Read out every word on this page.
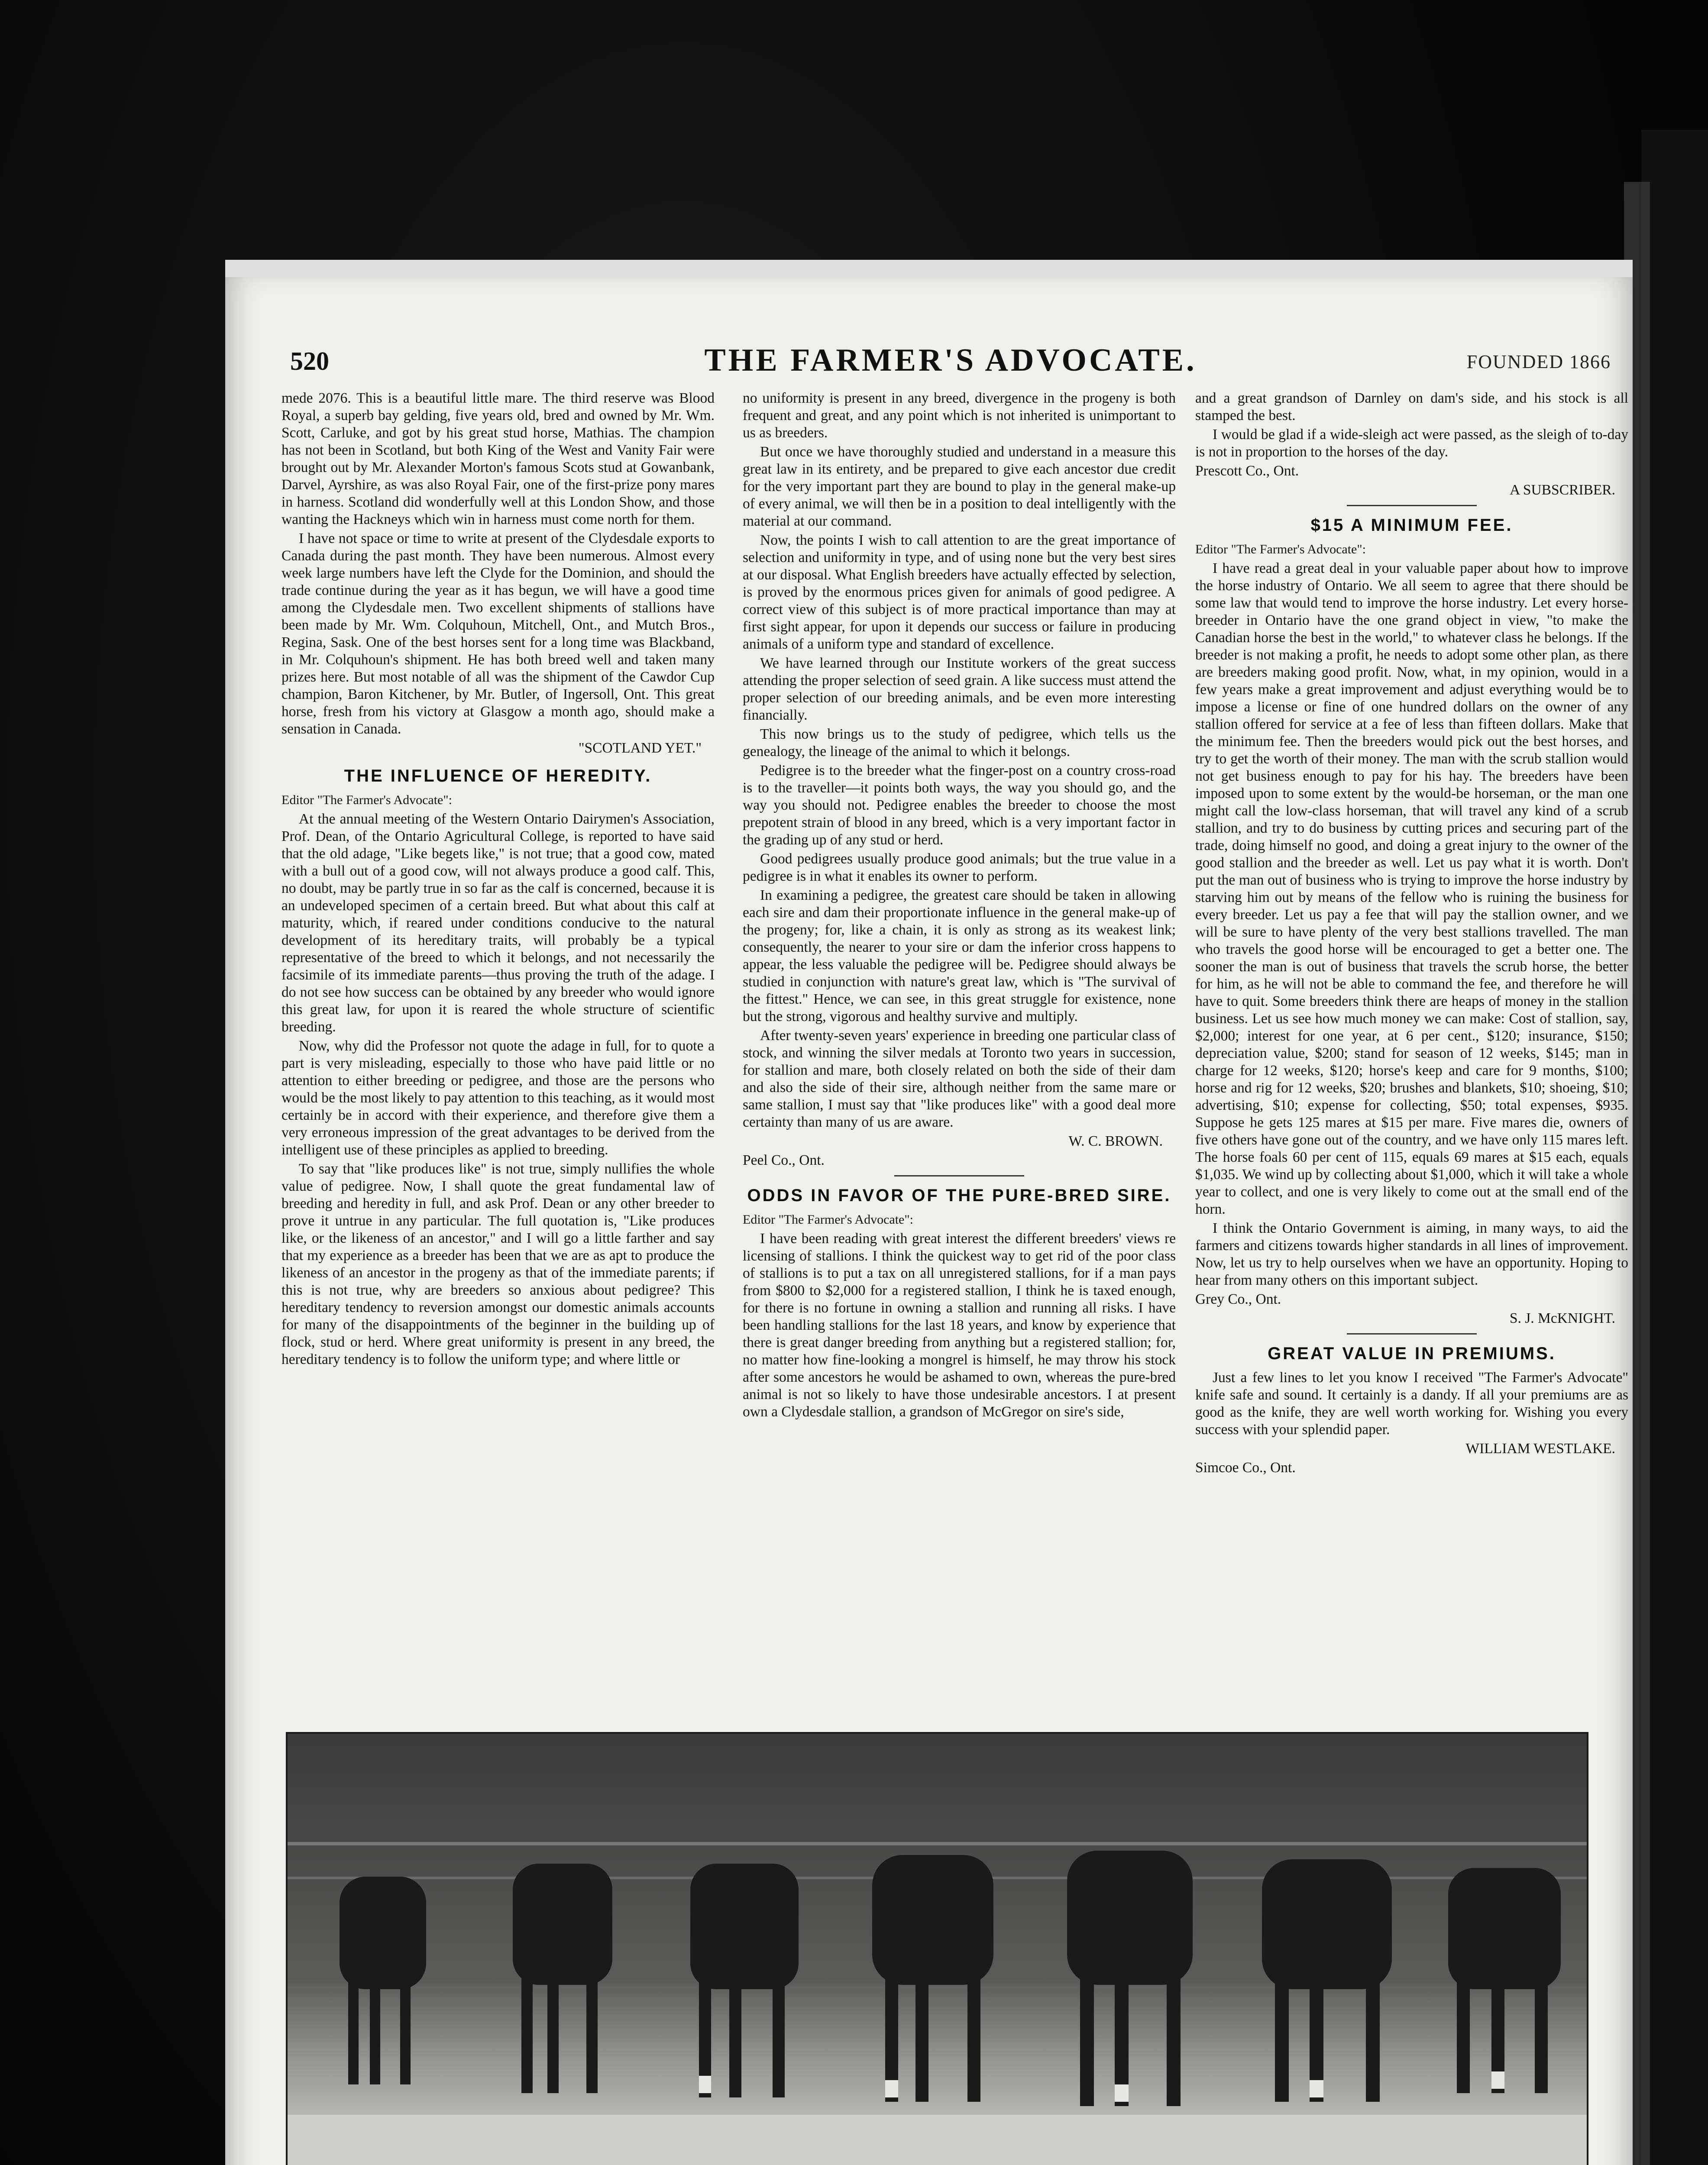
520	THE FARMER'S ADVOCATE.	FOUNDED 1866

mede 2076. This is a beautiful little mare. The third reserve was Blood Royal, a superb bay gelding, five years old, bred and owned by Mr. Wm. Scott, Carluke, and got by his great stud horse, Mathias. The champion has not been in Scotland, but both King of the West and Vanity Fair were brought out by Mr. Alexander Morton's famous Scots stud at Gowanbank, Darvel, Ayrshire, as was also Royal Fair, one of the first-prize pony mares in harness. Scotland did wonderfully well at this London Show, and those wanting the Hackneys which win in harness must come north for them.

I have not space or time to write at present of the Clydesdale exports to Canada during the past month. They have been numerous. Almost every week large numbers have left the Clyde for the Dominion, and should the trade continue during the year as it has begun, we will have a good time among the Clydesdale men. Two excellent shipments of stallions have been made by Mr. Wm. Colquhoun, Mitchell, Ont., and Mutch Bros., Regina, Sask. One of the best horses sent for a long time was Blackband, in Mr. Colquhoun's shipment. He has both breed well and taken many prizes here. But most notable of all was the shipment of the Cawdor Cup champion, Baron Kitchener, by Mr. Butler, of Ingersoll, Ont. This great horse, fresh from his victory at Glasgow a month ago, should make a sensation in Canada.

"SCOTLAND YET."

THE INFLUENCE OF HEREDITY.

Editor "The Farmer's Advocate":

At the annual meeting of the Western Ontario Dairymen's Association, Prof. Dean, of the Ontario Agricultural College, is reported to have said that the old adage, "Like begets like," is not true; that a good cow, mated with a bull out of a good cow, will not always produce a good calf. This, no doubt, may be partly true in so far as the calf is concerned, because it is an undeveloped specimen of a certain breed. But what about this calf at maturity, which, if reared under conditions conducive to the natural development of its hereditary traits, will probably be a typical representative of the breed to which it belongs, and not necessarily the facsimile of its immediate parents—thus proving the truth of the adage. I do not see how success can be obtained by any breeder who would ignore this great law, for upon it is reared the whole structure of scientific breeding.

Now, why did the Professor not quote the adage in full, for to quote a part is very misleading, especially to those who have paid little or no attention to either breeding or pedigree, and those are the persons who would be the most likely to pay attention to this teaching, as it would most certainly be in accord with their experience, and therefore give them a very erroneous impression of the great advantages to be derived from the intelligent use of these principles as applied to breeding.

To say that "like produces like" is not true, simply nullifies the whole value of pedigree. Now, I shall quote the great fundamental law of breeding and heredity in full, and ask Prof. Dean or any other breeder to prove it untrue in any particular. The full quotation is, "Like produces like, or the likeness of an ancestor," and I will go a little farther and say that my experience as a breeder has been that we are as apt to produce the likeness of an ancestor in the progeny as that of the immediate parents; if this is not true, why are breeders so anxious about pedigree? This hereditary tendency to reversion amongst our domestic animals accounts for many of the disappointments of the beginner in the building up of flock, stud or herd. Where great uniformity is present in any breed, the hereditary tendency is to follow the uniform type; and where little or

no uniformity is present in any breed, divergence in the progeny is both frequent and great, and any point which is not inherited is unimportant to us as breeders.

But once we have thoroughly studied and understand in a measure this great law in its entirety, and be prepared to give each ancestor due credit for the very important part they are bound to play in the general make-up of every animal, we will then be in a position to deal intelligently with the material at our command.

Now, the points I wish to call attention to are the great importance of selection and uniformity in type, and of using none but the very best sires at our disposal. What English breeders have actually effected by selection, is proved by the enormous prices given for animals of good pedigree. A correct view of this subject is of more practical importance than may at first sight appear, for upon it depends our success or failure in producing animals of a uniform type and standard of excellence.

We have learned through our Institute workers of the great success attending the proper selection of seed grain. A like success must attend the proper selection of our breeding animals, and be even more interesting financially.

This now brings us to the study of pedigree, which tells us the genealogy, the lineage of the animal to which it belongs.

Pedigree is to the breeder what the finger-post on a country cross-road is to the traveller—it points both ways, the way you should go, and the way you should not. Pedigree enables the breeder to choose the most prepotent strain of blood in any breed, which is a very important factor in the grading up of any stud or herd.

Good pedigrees usually produce good animals; but the true value in a pedigree is in what it enables its owner to perform.

In examining a pedigree, the greatest care should be taken in allowing each sire and dam their proportionate influence in the general make-up of the progeny; for, like a chain, it is only as strong as its weakest link; consequently, the nearer to your sire or dam the inferior cross happens to appear, the less valuable the pedigree will be. Pedigree should always be studied in conjunction with nature's great law, which is "The survival of the fittest." Hence, we can see, in this great struggle for existence, none but the strong, vigorous and healthy survive and multiply.

After twenty-seven years' experience in breeding one particular class of stock, and winning the silver medals at Toronto two years in succession, for stallion and mare, both closely related on both the side of their dam and also the side of their sire, although neither from the same mare or same stallion, I must say that "like produces like" with a good deal more certainty than many of us are aware.

W. C. BROWN.

Peel Co., Ont.

ODDS IN FAVOR OF THE PURE-BRED SIRE.

Editor "The Farmer's Advocate":

I have been reading with great interest the different breeders' views re licensing of stallions. I think the quickest way to get rid of the poor class of stallions is to put a tax on all unregistered stallions, for if a man pays from $800 to $2,000 for a registered stallion, I think he is taxed enough, for there is no fortune in owning a stallion and running all risks. I have been handling stallions for the last 18 years, and know by experience that there is great danger breeding from anything but a registered stallion; for, no matter how fine-looking a mongrel is himself, he may throw his stock after some ancestors he would be ashamed to own, whereas the pure-bred animal is not so likely to have those undesirable ancestors. I at present own a Clydesdale stallion, a grandson of McGregor on sire's side,

and a great grandson of Darnley on dam's side, and his stock is all stamped the best.

I would be glad if a wide-sleigh act were passed, as the sleigh of to-day is not in proportion to the horses of the day.

Prescott Co., Ont.

A SUBSCRIBER.

$15 A MINIMUM FEE.

Editor "The Farmer's Advocate":

I have read a great deal in your valuable paper about how to improve the horse industry of Ontario. We all seem to agree that there should be some law that would tend to improve the horse industry. Let every horse-breeder in Ontario have the one grand object in view, "to make the Canadian horse the best in the world," to whatever class he belongs. If the breeder is not making a profit, he needs to adopt some other plan, as there are breeders making good profit. Now, what, in my opinion, would in a few years make a great improvement and adjust everything would be to impose a license or fine of one hundred dollars on the owner of any stallion offered for service at a fee of less than fifteen dollars. Make that the minimum fee. Then the breeders would pick out the best horses, and try to get the worth of their money. The man with the scrub stallion would not get business enough to pay for his hay. The breeders have been imposed upon to some extent by the would-be horseman, or the man one might call the low-class horseman, that will travel any kind of a scrub stallion, and try to do business by cutting prices and securing part of the trade, doing himself no good, and doing a great injury to the owner of the good stallion and the breeder as well. Let us pay what it is worth. Don't put the man out of business who is trying to improve the horse industry by starving him out by means of the fellow who is ruining the business for every breeder. Let us pay a fee that will pay the stallion owner, and we will be sure to have plenty of the very best stallions travelled. The man who travels the good horse will be encouraged to get a better one. The sooner the man is out of business that travels the scrub horse, the better for him, as he will not be able to command the fee, and therefore he will have to quit. Some breeders think there are heaps of money in the stallion business. Let us see how much money we can make: Cost of stallion, say, $2,000; interest for one year, at 6 per cent., $120; insurance, $150; depreciation value, $200; stand for season of 12 weeks, $145; man in charge for 12 weeks, $120; horse's keep and care for 9 months, $100; horse and rig for 12 weeks, $20; brushes and blankets, $10; shoeing, $10; advertising, $10; expense for collecting, $50; total expenses, $935. Suppose he gets 125 mares at $15 per mare. Five mares die, owners of five others have gone out of the country, and we have only 115 mares left. The horse foals 60 per cent of 115, equals 69 mares at $15 each, equals $1,035. We wind up by collecting about $1,000, which it will take a whole year to collect, and one is very likely to come out at the small end of the horn.

I think the Ontario Government is aiming, in many ways, to aid the farmers and citizens towards higher standards in all lines of improvement. Now, let us try to help ourselves when we have an opportunity. Hoping to hear from many others on this important subject.

Grey Co., Ont.

S. J. McKNIGHT.

GREAT VALUE IN PREMIUMS.

Just a few lines to let you know I received "The Farmer's Advocate" knife safe and sound. It certainly is a dandy. If all your premiums are as good as the knife, they are well worth working for. Wishing you every success with your splendid paper.

WILLIAM WESTLAKE.

Simcoe Co., Ont.
